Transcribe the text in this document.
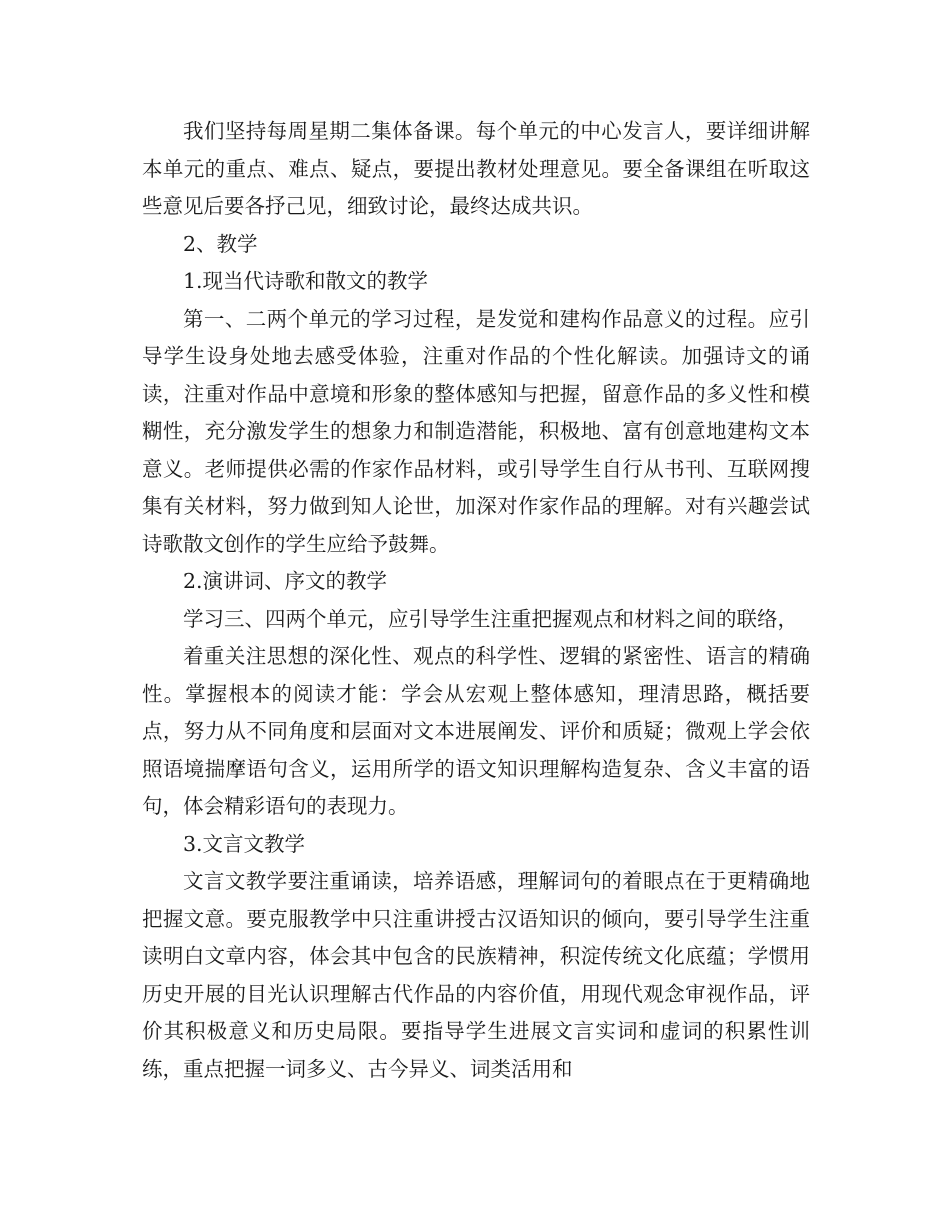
我们坚持每周星期二集体备课。每个单元的中心发言人，要详细讲解本单元的重点、难点、疑点，要提出教材处理意见。要全备课组在听取这些意见后要各抒己见，细致讨论，最终达成共识。

2、教学

1.现当代诗歌和散文的教学

第一、二两个单元的学习过程，是发觉和建构作品意义的过程。应引导学生设身处地去感受体验，注重对作品的个性化解读。加强诗文的诵读，注重对作品中意境和形象的整体感知与把握，留意作品的多义性和模糊性，充分激发学生的想象力和制造潜能，积极地、富有创意地建构文本意义。老师提供必需的作家作品材料，或引导学生自行从书刊、互联网搜集有关材料，努力做到知人论世，加深对作家作品的理解。对有兴趣尝试诗歌散文创作的学生应给予鼓舞。

2.演讲词、序文的教学

学习三、四两个单元，应引导学生注重把握观点和材料之间的联络，

着重关注思想的深化性、观点的科学性、逻辑的紧密性、语言的精确性。掌握根本的阅读才能：学会从宏观上整体感知，理清思路，概括要点，努力从不同角度和层面对文本进展阐发、评价和质疑；微观上学会依照语境揣摩语句含义，运用所学的语文知识理解构造复杂、含义丰富的语句，体会精彩语句的表现力。

3.文言文教学

文言文教学要注重诵读，培养语感，理解词句的着眼点在于更精确地把握文意。要克服教学中只注重讲授古汉语知识的倾向，要引导学生注重读明白文章内容，体会其中包含的民族精神，积淀传统文化底蕴；学惯用历史开展的目光认识理解古代作品的内容价值，用现代观念审视作品，评价其积极意义和历史局限。要指导学生进展文言实词和虚词的积累性训练，重点把握一词多义、古今异义、词类活用和
